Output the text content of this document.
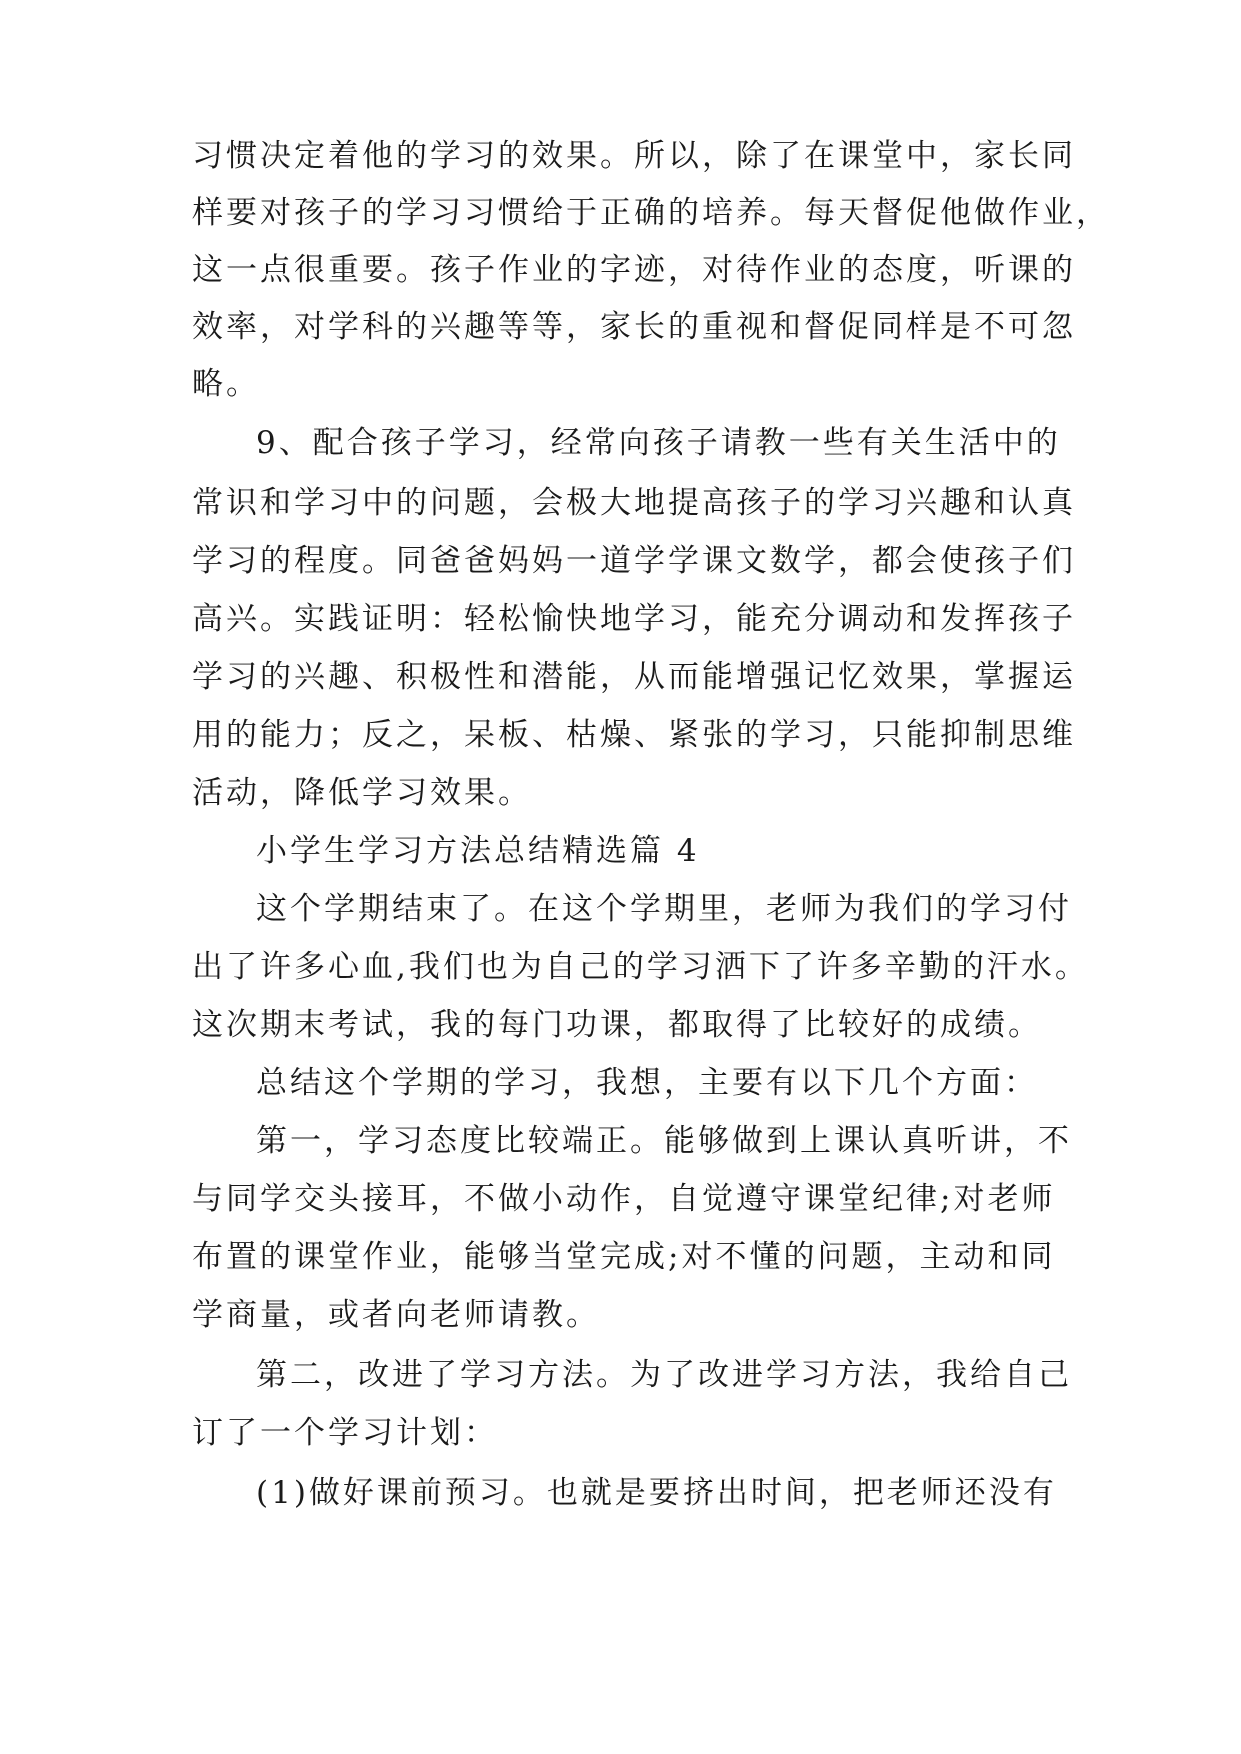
习惯决定着他的学习的效果。所以，除了在课堂中，家长同
样要对孩子的学习习惯给于正确的培养。每天督促他做作业，
这一点很重要。孩子作业的字迹，对待作业的态度，听课的
效率，对学科的兴趣等等，家长的重视和督促同样是不可忽
略。
9、配合孩子学习，经常向孩子请教一些有关生活中的
常识和学习中的问题，会极大地提高孩子的学习兴趣和认真
学习的程度。同爸爸妈妈一道学学课文数学，都会使孩子们
高兴。实践证明：轻松愉快地学习，能充分调动和发挥孩子
学习的兴趣、积极性和潜能，从而能增强记忆效果，掌握运
用的能力；反之，呆板、枯燥、紧张的学习，只能抑制思维
活动，降低学习效果。
小学生学习方法总结精选篇 4
这个学期结束了。在这个学期里，老师为我们的学习付
出了许多心血,我们也为自己的学习洒下了许多辛勤的汗水。
这次期末考试，我的每门功课，都取得了比较好的成绩。
总结这个学期的学习，我想，主要有以下几个方面：
第一，学习态度比较端正。能够做到上课认真听讲，不
与同学交头接耳，不做小动作，自觉遵守课堂纪律;对老师
布置的课堂作业，能够当堂完成;对不懂的问题，主动和同
学商量，或者向老师请教。
第二，改进了学习方法。为了改进学习方法，我给自己
订了一个学习计划：
(1)做好课前预习。也就是要挤出时间，把老师还没有
